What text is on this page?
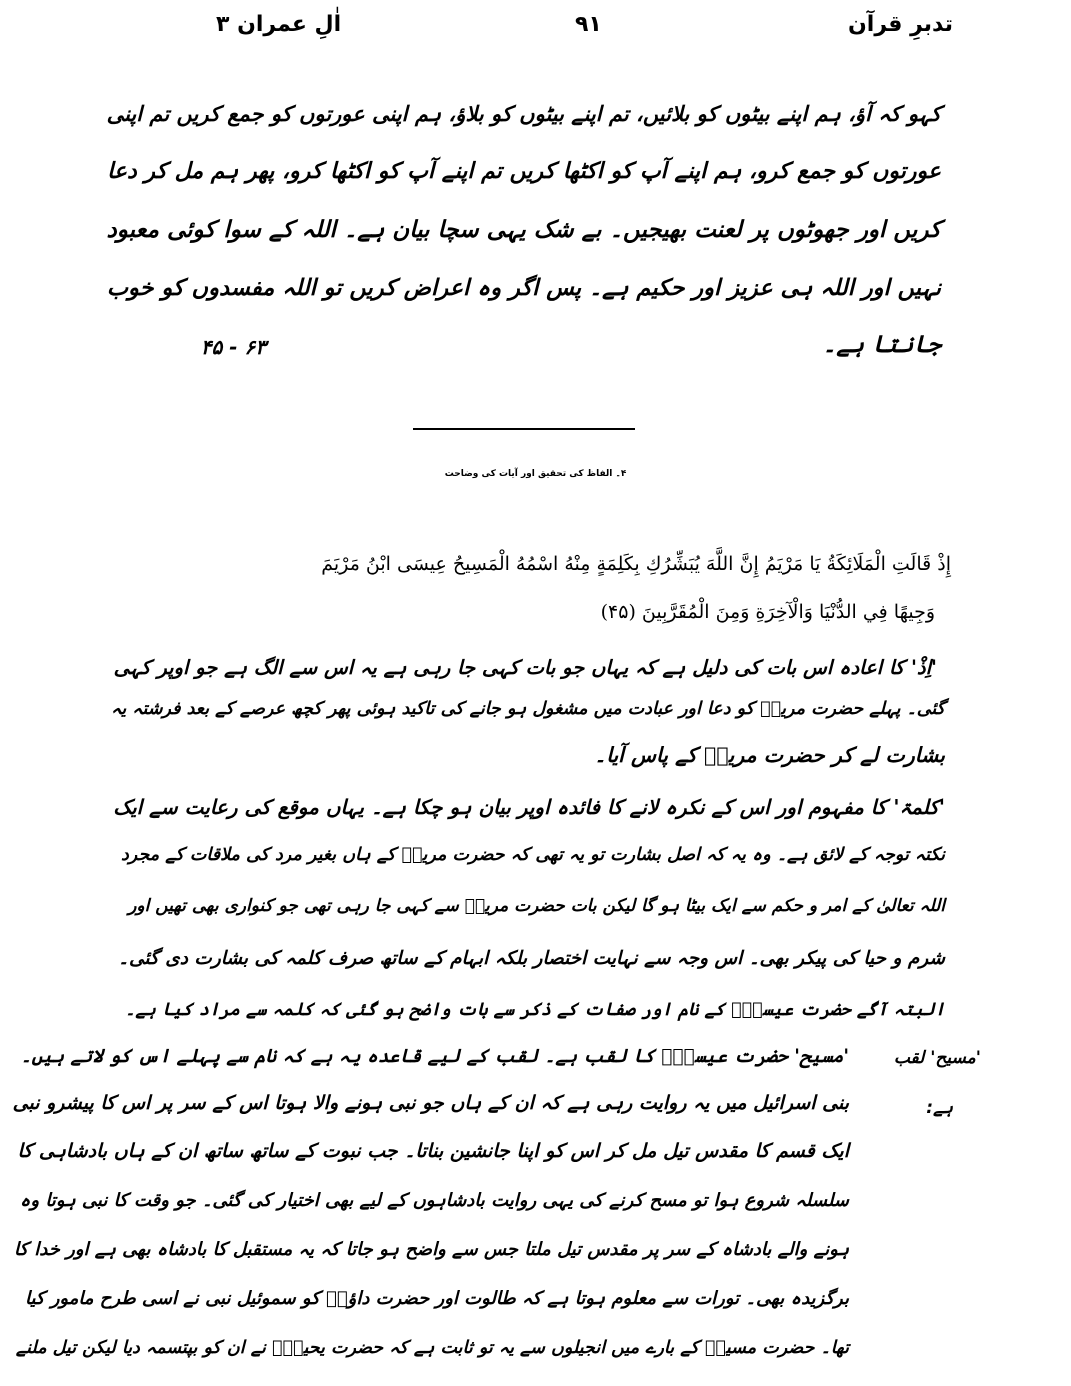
اٰلِ عمران ۳	۹۱	تدبرِ قرآن
کہو کہ آؤ، ہم اپنے بیٹوں کو بلائیں، تم اپنے بیٹوں کو بلاؤ، ہم اپنی عورتوں کو جمع کریں تم اپنی
عورتوں کو جمع کرو، ہم اپنے آپ کو اکٹھا کریں تم اپنے آپ کو اکٹھا کرو، پھر ہم مل کر دعا
کریں اور جھوٹوں پر لعنت بھیجیں۔ بے شک یہی سچا بیان ہے۔ اللہ کے سوا کوئی معبود
نہیں اور اللہ ہی عزیز اور حکیم ہے۔ پس اگر وہ اعراض کریں تو اللہ مفسدوں کو خوب
جانتا ہے۔
۴۵ - ۶۳
۴۔ الفاظ کی تحقیق اور آیات کی وضاحت
إِذْ قَالَتِ الْمَلَائِكَةُ يَا مَرْيَمُ إِنَّ اللَّهَ يُبَشِّرُكِ بِكَلِمَةٍ مِنْهُ اسْمُهُ الْمَسِيحُ عِيسَى ابْنُ مَرْيَمَ
وَجِيهًا فِي الدُّنْيَا وَالْآخِرَةِ وَمِنَ الْمُقَرَّبِينَ (۴۵)
'اِذْ' کا اعادہ اس بات کی دلیل ہے کہ یہاں جو بات کہی جا رہی ہے یہ اس سے الگ ہے جو اوپر کہی
گئی۔ پہلے حضرت مریمؑ کو دعا اور عبادت میں مشغول ہو جانے کی تاکید ہوئی پھر کچھ عرصے کے بعد فرشتہ یہ
بشارت لے کر حضرت مریمؑ کے پاس آیا۔
'کلمۃ' کا مفہوم اور اس کے نکرہ لانے کا فائدہ اوپر بیان ہو چکا ہے۔ یہاں موقع کی رعایت سے ایک
نکتہ توجہ کے لائق ہے۔ وہ یہ کہ اصل بشارت تو یہ تھی کہ حضرت مریمؑ کے ہاں بغیر مرد کی ملاقات کے مجرد
اللہ تعالیٰ کے امر و حکم سے ایک بیٹا ہو گا لیکن بات حضرت مریمؑ سے کہی جا رہی تھی جو کنواری بھی تھیں اور
شرم و حیا کی پیکر بھی۔ اس وجہ سے نہایت اختصار بلکہ ابہام کے ساتھ صرف کلمہ کی بشارت دی گئی۔
البتہ آگے حضرت عیسیٰؑ کے نام اور صفات کے ذکر سے بات واضح ہو گئی کہ کلمہ سے مراد کیا ہے۔
'مسیح' حضرت عیسیٰؑ کا لقب ہے۔ لقب کے لیے قاعدہ یہ ہے کہ نام سے پہلے اس کو لاتے ہیں۔
بنی اسرائیل میں یہ روایت رہی ہے کہ ان کے ہاں جو نبی ہونے والا ہوتا اس کے سر پر اس کا پیشرو نبی
ایک قسم کا مقدس تیل مل کر اس کو اپنا جانشین بناتا۔ جب نبوت کے ساتھ ساتھ ان کے ہاں بادشاہی کا
سلسلہ شروع ہوا تو مسح کرنے کی یہی روایت بادشاہوں کے لیے بھی اختیار کی گئی۔ جو وقت کا نبی ہوتا وہ
ہونے والے بادشاہ کے سر پر مقدس تیل ملتا جس سے واضح ہو جاتا کہ یہ مستقبل کا بادشاہ بھی ہے اور خدا کا
برگزیدہ بھی۔ تورات سے معلوم ہوتا ہے کہ طالوت اور حضرت داؤدؑ کو سموئیل نبی نے اسی طرح مامور کیا
تھا۔ حضرت مسیحؑ کے بارے میں انجیلوں سے یہ تو ثابت ہے کہ حضرت یحییٰؑ نے ان کو بپتسمہ دیا لیکن تیل ملنے
'مسیح' لقب
ہے:
